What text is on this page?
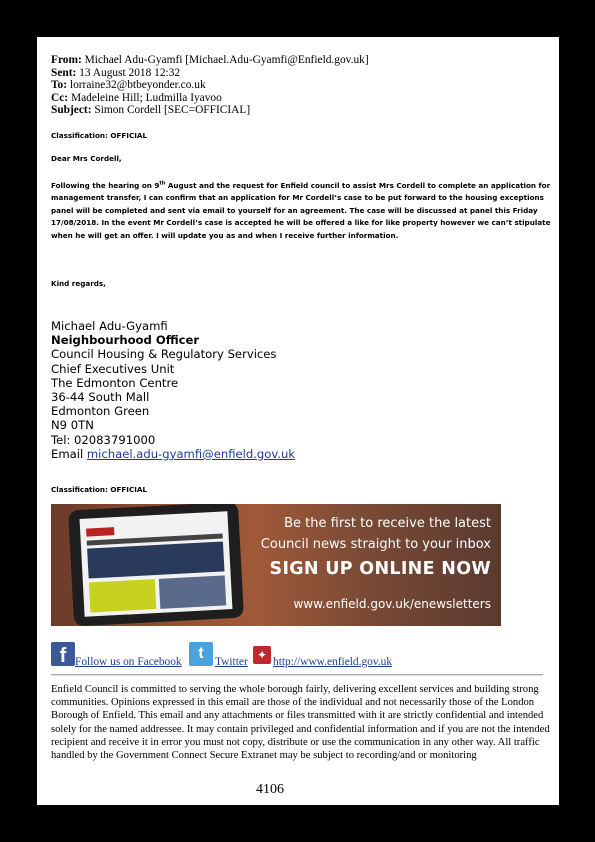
From: Michael Adu-Gyamfi [Michael.Adu-Gyamfi@Enfield.gov.uk]
Sent: 13 August 2018 12:32
To: lorraine32@btbeyonder.co.uk
Cc: Madeleine Hill; Ludmilla Iyavoo
Subject: Simon Cordell [SEC=OFFICIAL]
Classification: OFFICIAL
Dear Mrs Cordell,
Following the hearing on 9th August and the request for Enfield council to assist Mrs Cordell to complete an application for management transfer, I can confirm that an application for Mr Cordell’s case to be put forward to the housing exceptions panel will be completed and sent via email to yourself for an agreement. The case will be discussed at panel this Friday 17/08/2018. In the event Mr Cordell’s case is accepted he will be offered a like for like property however we can’t stipulate when he will get an offer. I will update you as and when I receive further information.
Kind regards,
Michael Adu-Gyamfi
Neighbourhood Officer
Council Housing & Regulatory Services
Chief Executives Unit
The Edmonton Centre
36-44 South Mall
Edmonton Green
N9 0TN
Tel: 02083791000
Email michael.adu-gyamfi@enfield.gov.uk
Classification: OFFICIAL
Be the first to receive the latest
Council news straight to your inbox
SIGN UP ONLINE NOW
www.enfield.gov.uk/enewsletters
f Follow us on Facebook	t Twitter ✦ http://www.enfield.gov.uk
Enfield Council is committed to serving the whole borough fairly, delivering excellent services and building strong communities. Opinions expressed in this email are those of the individual and not necessarily those of the London Borough of Enfield. This email and any attachments or files transmitted with it are strictly confidential and intended solely for the named addressee. It may contain privileged and confidential information and if you are not the intended recipient and receive it in error you must not copy, distribute or use the communication in any other way. All traffic handled by the Government Connect Secure Extranet may be subject to recording/and or monitoring
4106
